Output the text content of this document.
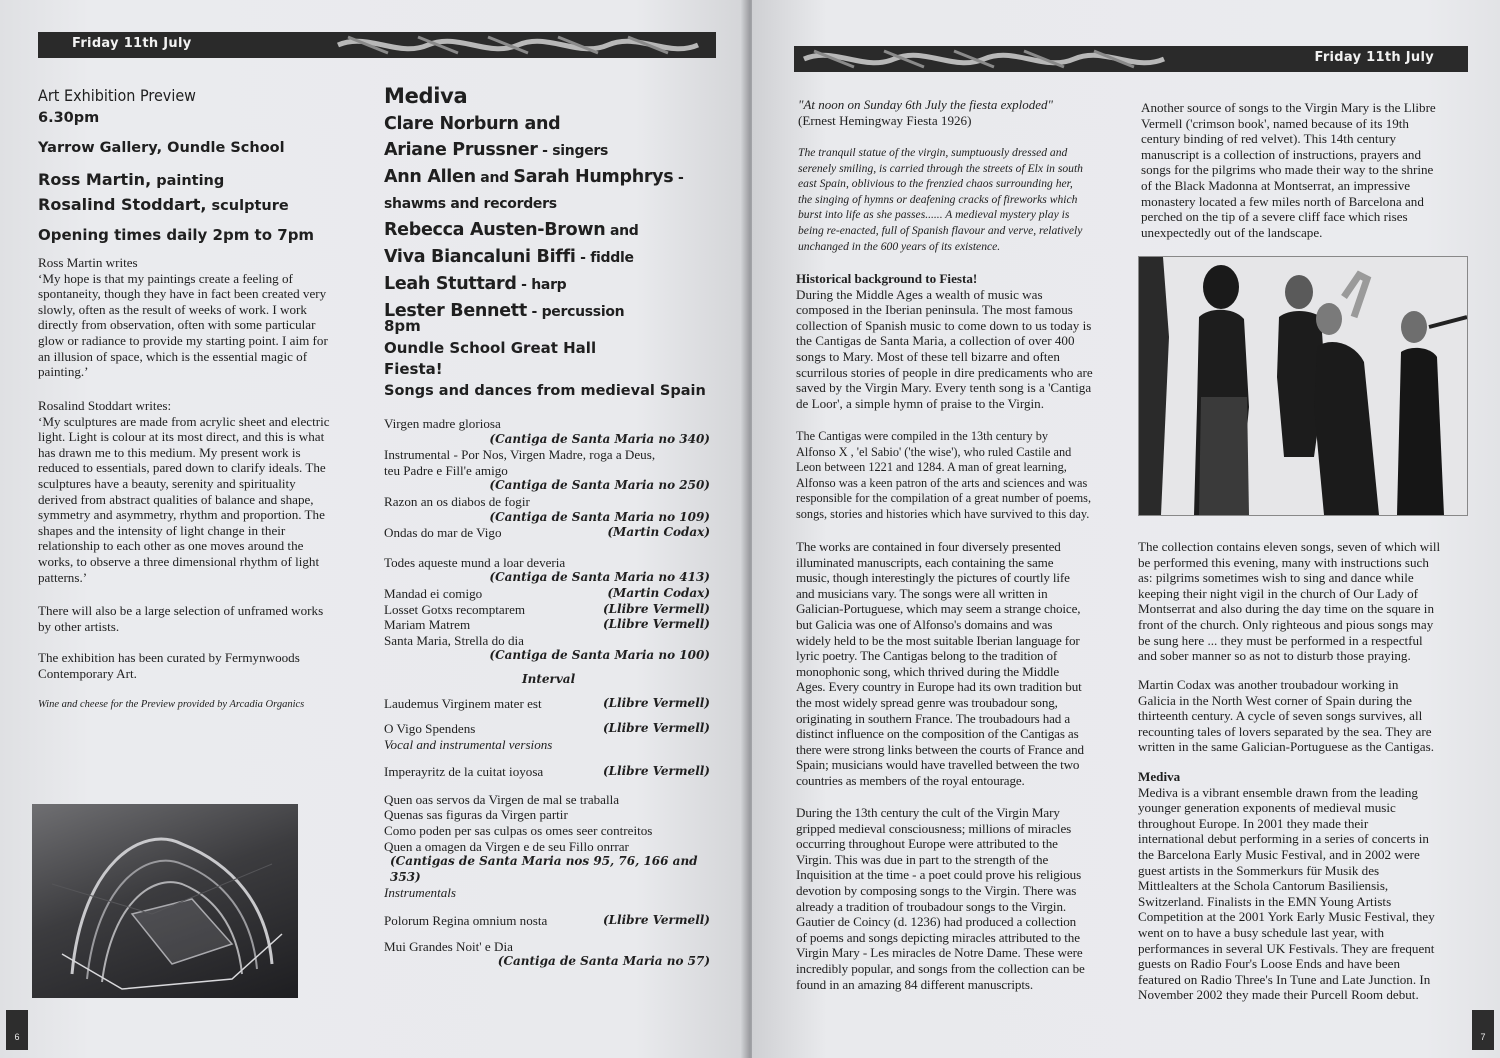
Friday 11th July
Art Exhibition Preview
6.30pm
Yarrow Gallery, Oundle School
Ross Martin, painting
Rosalind Stoddart, sculpture
Opening times daily 2pm to 7pm
Ross Martin writes
‘My hope is that my paintings create a feeling of
spontaneity, though they have in fact been created very
slowly, often as the result of weeks of work. I work
directly from observation, often with some particular
glow or radiance to provide my starting point. I aim for
an illusion of space, which is the essential magic of
painting.’
Rosalind Stoddart writes:
‘My sculptures are made from acrylic sheet and electric
light. Light is colour at its most direct, and this is what
has drawn me to this medium. My present work is
reduced to essentials, pared down to clarify ideals. The
sculptures have a beauty, serenity and spirituality
derived from abstract qualities of balance and shape,
symmetry and asymmetry, rhythm and proportion. The
shapes and the intensity of light change in their
relationship to each other as one moves around the
works, to observe a three dimensional rhythm of light
patterns.’
There will also be a large selection of unframed works
by other artists.
The exhibition has been curated by Fermynwoods
Contemporary Art.
Wine and cheese for the Preview provided by Arcadia Organics
Mediva
Clare Norburn and
Ariane Prussner - singers
Ann Allen and Sarah Humphrys -
shawms and recorders
Rebecca Austen-Brown and
Viva Biancaluni Biffi - fiddle
Leah Stuttard - harp
Lester Bennett - percussion
8pm
Oundle School Great Hall
Fiesta!
Songs and dances from medieval Spain
Virgen madre gloriosa
(Cantiga de Santa Maria no 340)
Instrumental - Por Nos, Virgen Madre, roga a Deus,
teu Padre e Fill'e amigo
(Cantiga de Santa Maria no 250)
Razon an os diabos de fogir
(Cantiga de Santa Maria no 109)
Ondas do mar de Vigo	(Martin Codax)
Todes aqueste mund a loar deveria
(Cantiga de Santa Maria no 413)
Mandad ei comigo	(Martin Codax)
Losset Gotxs recomptarem	(Llibre Vermell)
Mariam Matrem	(Llibre Vermell)
Santa Maria, Strella do dia
(Cantiga de Santa Maria no 100)
Interval
Laudemus Virginem mater est	(Llibre Vermell)
O Vigo Spendens	(Llibre Vermell)
Vocal and instrumental versions
Imperayritz de la cuitat ioyosa	(Llibre Vermell)
Quen oas servos da Virgen de mal se traballa
Quenas sas figuras da Virgen partir
Como poden per sas culpas os omes seer contreitos
Quen a omagen da Virgen e de seu Fillo onrrar
(Cantigas de Santa Maria nos 95, 76, 166 and 353)
Instrumentals
Polorum Regina omnium nosta	(Llibre Vermell)
Mui Grandes Noit' e Dia
(Cantiga de Santa Maria no 57)
6
Friday 11th July
"At noon on Sunday 6th July the fiesta exploded"
(Ernest Hemingway Fiesta 1926)
The tranquil statue of the virgin, sumptuously dressed and
serenely smiling, is carried through the streets of Elx in south
east Spain, oblivious to the frenzied chaos surrounding her,
the singing of hymns or deafening cracks of fireworks which
burst into life as she passes...... A medieval mystery play is
being re-enacted, full of Spanish flavour and verve, relatively
unchanged in the 600 years of its existence.
Historical background to Fiesta!
During the Middle Ages a wealth of music was
composed in the Iberian peninsula. The most famous
collection of Spanish music to come down to us today is
the Cantigas de Santa Maria, a collection of over 400
songs to Mary. Most of these tell bizarre and often
scurrilous stories of people in dire predicaments who are
saved by the Virgin Mary. Every tenth song is a 'Cantiga
de Loor', a simple hymn of praise to the Virgin.
The Cantigas were compiled in the 13th century by
Alfonso X , 'el Sabio' ('the wise'), who ruled Castile and
Leon between 1221 and 1284. A man of great learning,
Alfonso was a keen patron of the arts and sciences and was
responsible for the compilation of a great number of poems,
songs, stories and histories which have survived to this day.
The works are contained in four diversely presented
illuminated manuscripts, each containing the same
music, though interestingly the pictures of courtly life
and musicians vary. The songs were all written in
Galician-Portuguese, which may seem a strange choice,
but Galicia was one of Alfonso's domains and was
widely held to be the most suitable Iberian language for
lyric poetry. The Cantigas belong to the tradition of
monophonic song, which thrived during the Middle
Ages. Every country in Europe had its own tradition but
the most widely spread genre was troubadour song,
originating in southern France. The troubadours had a
distinct influence on the composition of the Cantigas as
there were strong links between the courts of France and
Spain; musicians would have travelled between the two
countries as members of the royal entourage.
During the 13th century the cult of the Virgin Mary
gripped medieval consciousness; millions of miracles
occurring throughout Europe were attributed to the
Virgin. This was due in part to the strength of the
Inquisition at the time - a poet could prove his religious
devotion by composing songs to the Virgin. There was
already a tradition of troubadour songs to the Virgin.
Gautier de Coincy (d. 1236) had produced a collection
of poems and songs depicting miracles attributed to the
Virgin Mary - Les miracles de Notre Dame. These were
incredibly popular, and songs from the collection can be
found in an amazing 84 different manuscripts.
Another source of songs to the Virgin Mary is the Llibre
Vermell ('crimson book', named because of its 19th
century binding of red velvet). This 14th century
manuscript is a collection of instructions, prayers and
songs for the pilgrims who made their way to the shrine
of the Black Madonna at Montserrat, an impressive
monastery located a few miles north of Barcelona and
perched on the tip of a severe cliff face which rises
unexpectedly out of the landscape.
The collection contains eleven songs, seven of which will
be performed this evening, many with instructions such
as: pilgrims sometimes wish to sing and dance while
keeping their night vigil in the church of Our Lady of
Montserrat and also during the day time on the square in
front of the church. Only righteous and pious songs may
be sung here ... they must be performed in a respectful
and sober manner so as not to disturb those praying.
Martin Codax was another troubadour working in
Galicia in the North West corner of Spain during the
thirteenth century. A cycle of seven songs survives, all
recounting tales of lovers separated by the sea. They are
written in the same Galician-Portuguese as the Cantigas.
Mediva
Mediva is a vibrant ensemble drawn from the leading
younger generation exponents of medieval music
throughout Europe. In 2001 they made their
international debut performing in a series of concerts in
the Barcelona Early Music Festival, and in 2002 were
guest artists in the Sommerkurs für Musik des
Mittlealters at the Schola Cantorum Basiliensis,
Switzerland. Finalists in the EMN Young Artists
Competition at the 2001 York Early Music Festival, they
went on to have a busy schedule last year, with
performances in several UK Festivals. They are frequent
guests on Radio Four's Loose Ends and have been
featured on Radio Three's In Tune and Late Junction. In
November 2002 they made their Purcell Room debut.
7
